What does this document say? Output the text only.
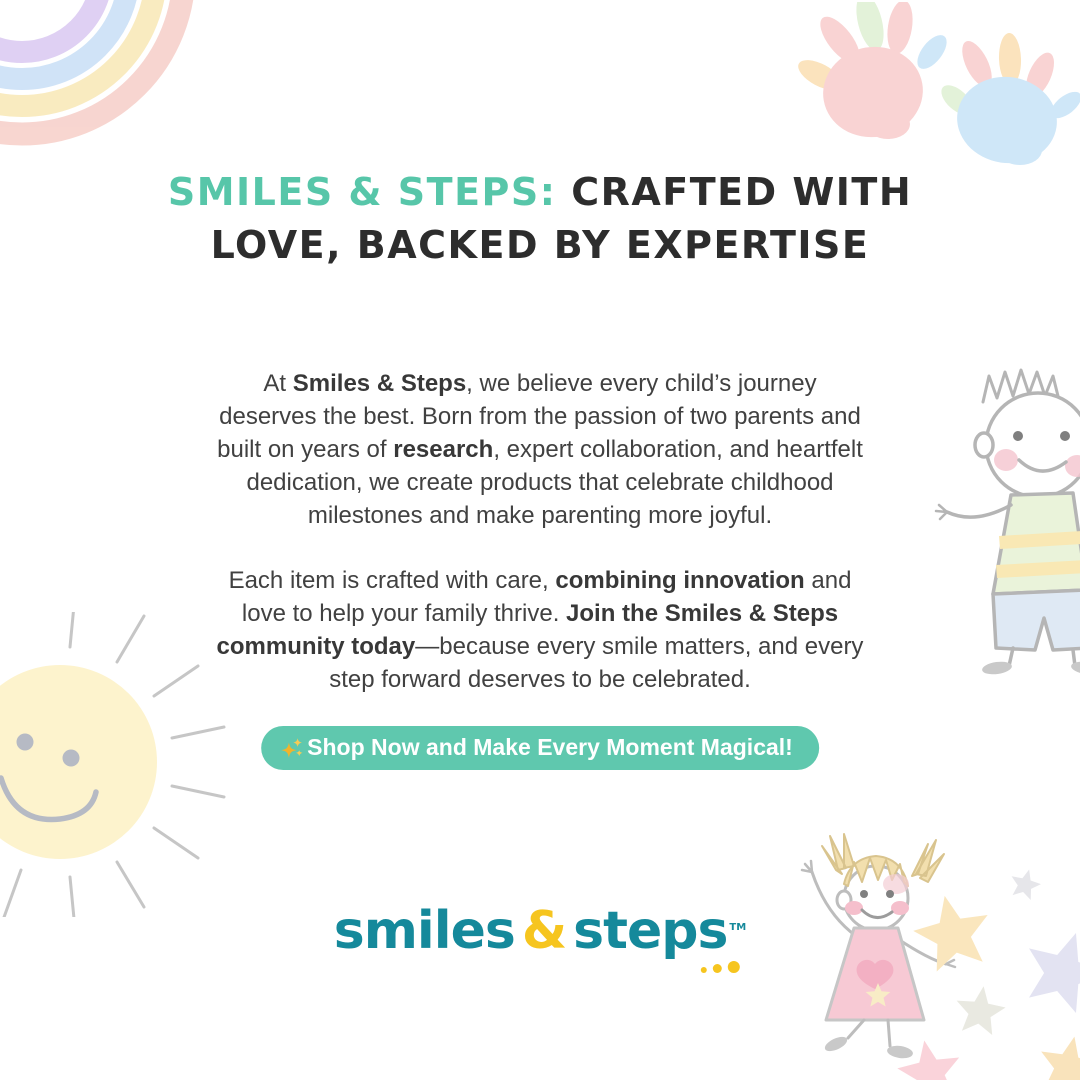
SMILES & STEPS: CRAFTED WITH
LOVE, BACKED BY EXPERTISE

At Smiles & Steps, we believe every child’s journey deserves the best. Born from the passion of two parents and built on years of research, expert collaboration, and heartfelt dedication, we create products that celebrate childhood milestones and make parenting more joyful.

Each item is crafted with care, combining innovation and love to help your family thrive. Join the Smiles & Steps community today—because every smile matters, and every step forward deserves to be celebrated.

Shop Now and Make Every Moment Magical!
smiles & steps ™
